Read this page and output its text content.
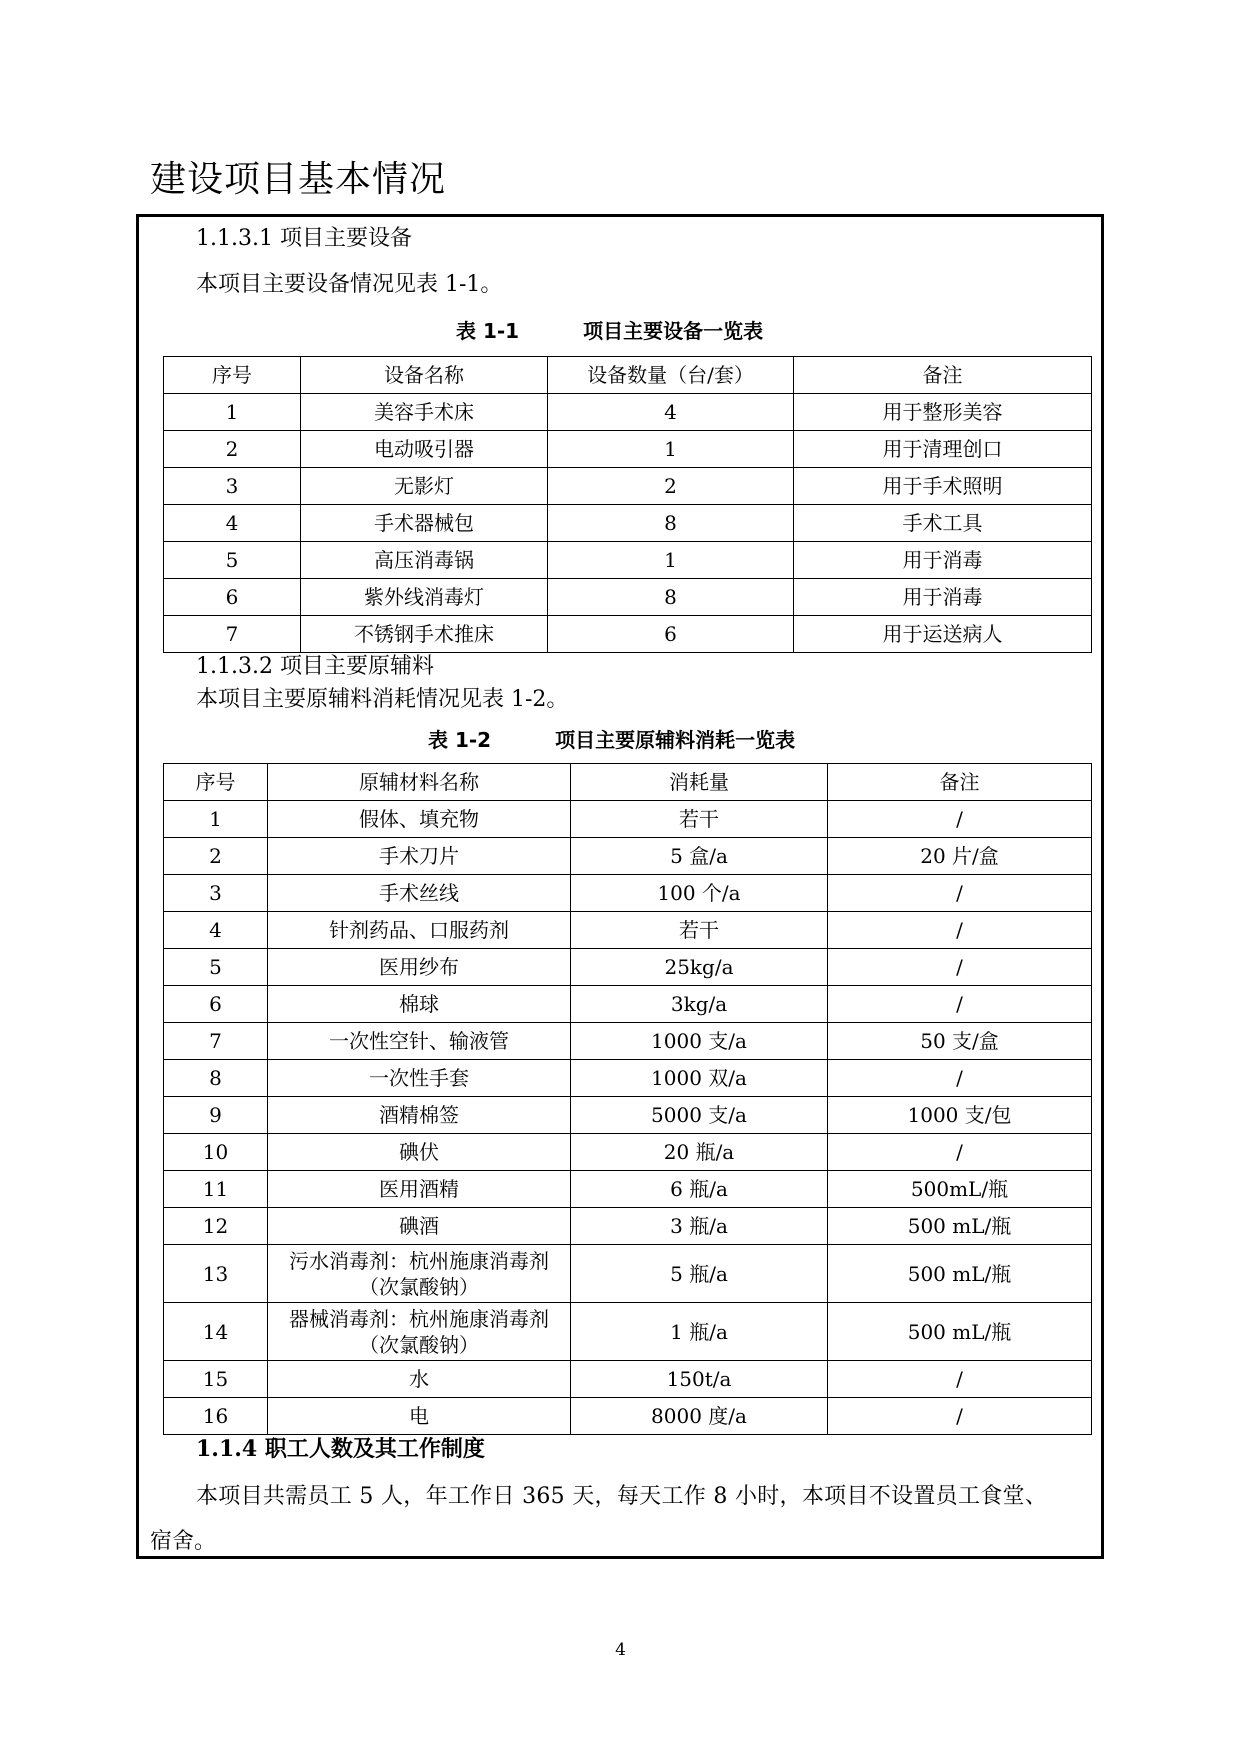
建设项目基本情况
1.1.3.1 项目主要设备
本项目主要设备情况见表 1-1。
表 1-1	项目主要设备一览表
序号	设备名称	设备数量（台/套）	备注
1	美容手术床	4	用于整形美容
2	电动吸引器	1	用于清理创口
3	无影灯	2	用于手术照明
4	手术器械包	8	手术工具
5	高压消毒锅	1	用于消毒
6	紫外线消毒灯	8	用于消毒
7	不锈钢手术推床	6	用于运送病人
1.1.3.2 项目主要原辅料
本项目主要原辅料消耗情况见表 1-2。
表 1-2	项目主要原辅料消耗一览表
序号	原辅材料名称	消耗量	备注
1	假体、填充物	若干	/
2	手术刀片	5 盒/a	20 片/盒
3	手术丝线	100 个/a	/
4	针剂药品、口服药剂	若干	/
5	医用纱布	25kg/a	/
6	棉球	3kg/a	/
7	一次性空针、输液管	1000 支/a	50 支/盒
8	一次性手套	1000 双/a	/
9	酒精棉签	5000 支/a	1000 支/包
10	碘伏	20 瓶/a	/
11	医用酒精	6 瓶/a	500mL/瓶
12	碘酒	3 瓶/a	500 mL/瓶
13	污水消毒剂：杭州施康消毒剂（次氯酸钠）	5 瓶/a	500 mL/瓶
14	器械消毒剂：杭州施康消毒剂（次氯酸钠）	1 瓶/a	500 mL/瓶
15	水	150t/a	/
16	电	8000 度/a	/
1.1.4 职工人数及其工作制度
本项目共需员工 5 人，年工作日 365 天，每天工作 8 小时，本项目不设置员工食堂、
宿舍。
4
